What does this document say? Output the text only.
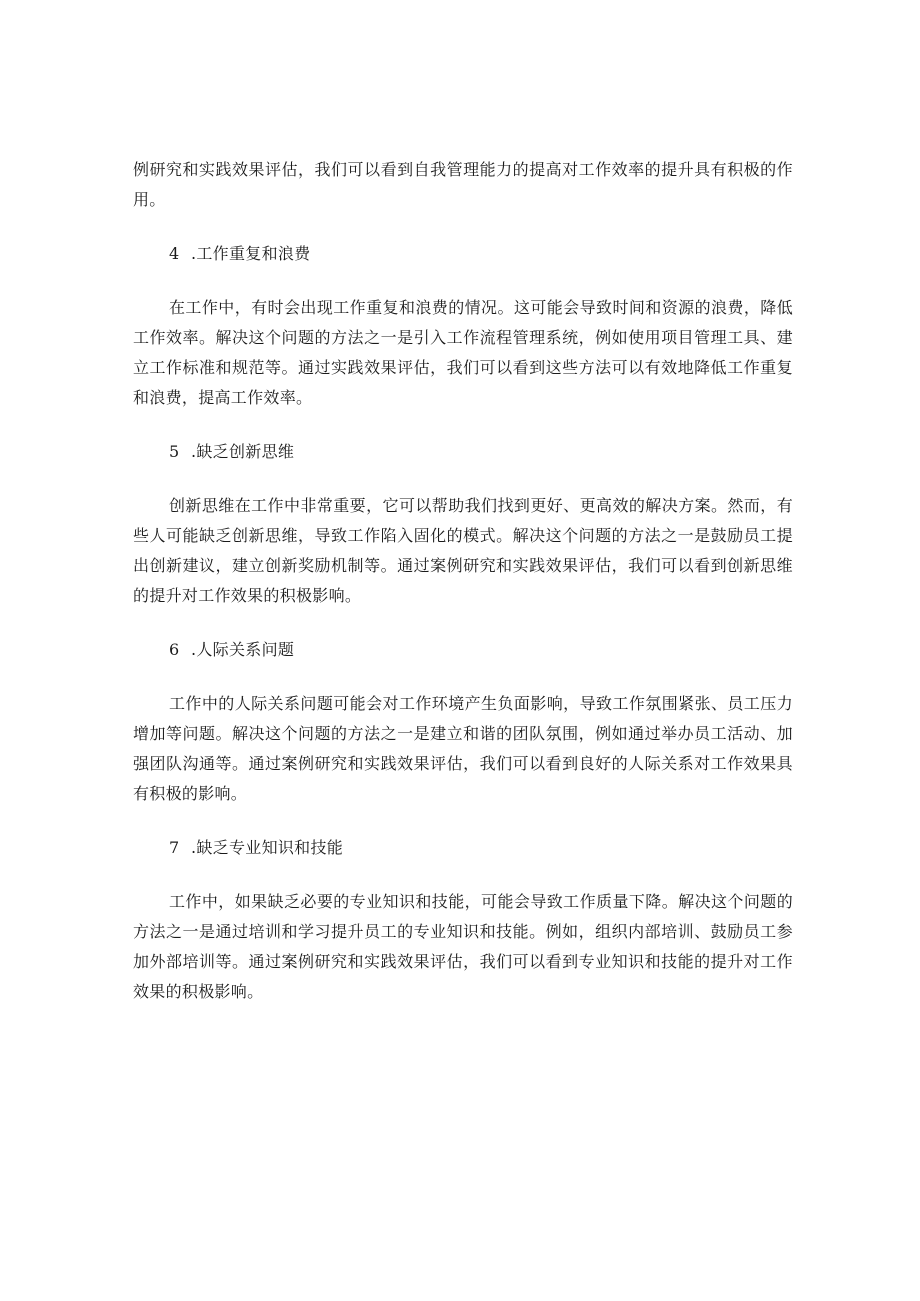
例研究和实践效果评估，我们可以看到自我管理能力的提高对工作效率的提升具有积极的作用。

4 .工作重复和浪费

在工作中，有时会出现工作重复和浪费的情况。这可能会导致时间和资源的浪费，降低工作效率。解决这个问题的方法之一是引入工作流程管理系统，例如使用项目管理工具、建立工作标准和规范等。通过实践效果评估，我们可以看到这些方法可以有效地降低工作重复和浪费，提高工作效率。

5 .缺乏创新思维

创新思维在工作中非常重要，它可以帮助我们找到更好、更高效的解决方案。然而，有些人可能缺乏创新思维，导致工作陷入固化的模式。解决这个问题的方法之一是鼓励员工提出创新建议，建立创新奖励机制等。通过案例研究和实践效果评估，我们可以看到创新思维的提升对工作效果的积极影响。

6 .人际关系问题

工作中的人际关系问题可能会对工作环境产生负面影响，导致工作氛围紧张、员工压力增加等问题。解决这个问题的方法之一是建立和谐的团队氛围，例如通过举办员工活动、加强团队沟通等。通过案例研究和实践效果评估，我们可以看到良好的人际关系对工作效果具有积极的影响。

7 .缺乏专业知识和技能

工作中，如果缺乏必要的专业知识和技能，可能会导致工作质量下降。解决这个问题的方法之一是通过培训和学习提升员工的专业知识和技能。例如，组织内部培训、鼓励员工参加外部培训等。通过案例研究和实践效果评估，我们可以看到专业知识和技能的提升对工作效果的积极影响。
